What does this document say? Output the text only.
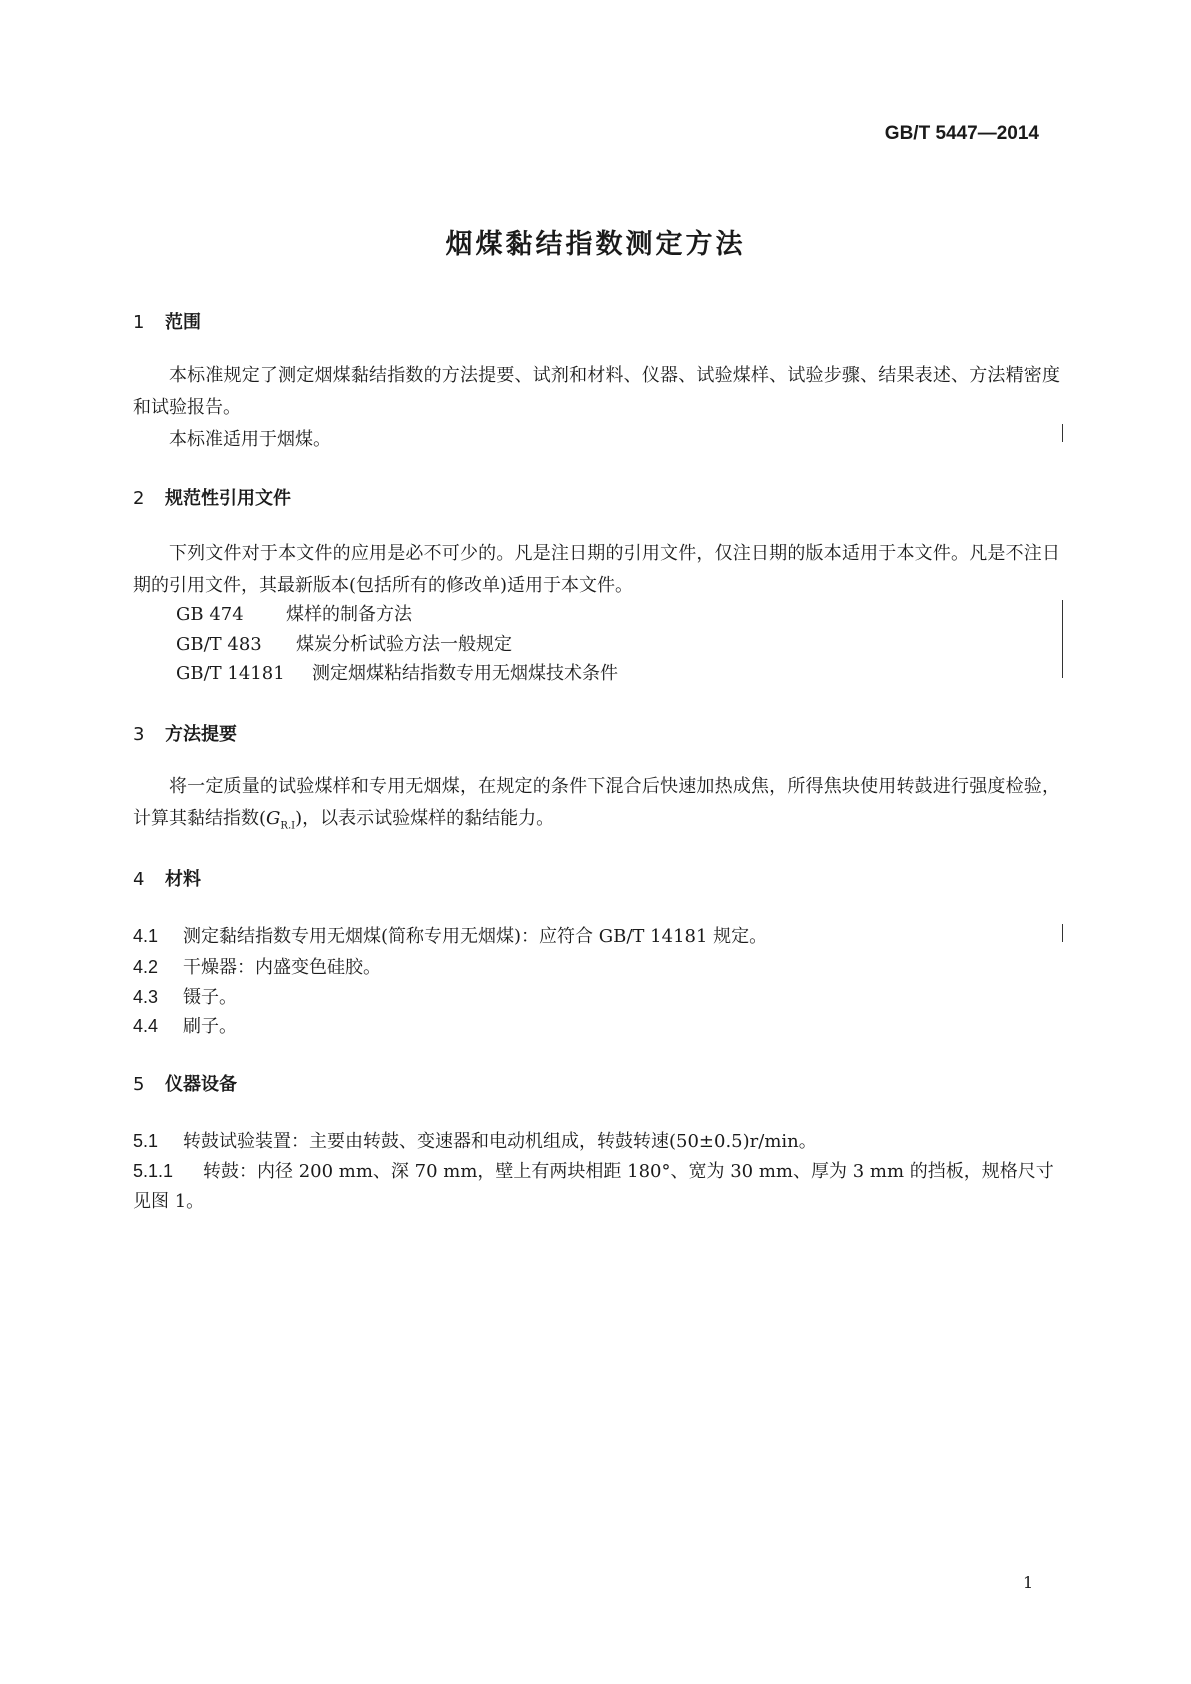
GB/T 5447—2014
烟煤黏结指数测定方法
1 范围

本标准规定了测定烟煤黏结指数的方法提要、试剂和材料、仪器、试验煤样、试验步骤、结果表述、方法精密度和试验报告。

本标准适用于烟煤。

2 规范性引用文件

下列文件对于本文件的应用是必不可少的。凡是注日期的引用文件，仅注日期的版本适用于本文件。凡是不注日期的引用文件，其最新版本(包括所有的修改单)适用于本文件。

GB 474 煤样的制备方法
GB/T 483 煤炭分析试验方法一般规定
GB/T 14181 测定烟煤粘结指数专用无烟煤技术条件
3 方法提要

将一定质量的试验煤样和专用无烟煤，在规定的条件下混合后快速加热成焦，所得焦块使用转鼓进行强度检验，计算其黏结指数$(G_{R.I})$，以表示试验煤样的黏结能力。

4 材料
4.1 测定黏结指数专用无烟煤(简称专用无烟煤)：应符合 GB/T 14181 规定。
4.2 干燥器：内盛变色硅胶。
4.3 镊子。
4.4 刷子。
5 仪器设备
5.1 转鼓试验装置：主要由转鼓、变速器和电动机组成，转鼓转速(50±0.5)r/min。
5.1.1 转鼓：内径 200 mm、深 70 mm，壁上有两块相距 180°、宽为 30 mm、厚为 3 mm 的挡板，规格尺寸
见图 1。
1
